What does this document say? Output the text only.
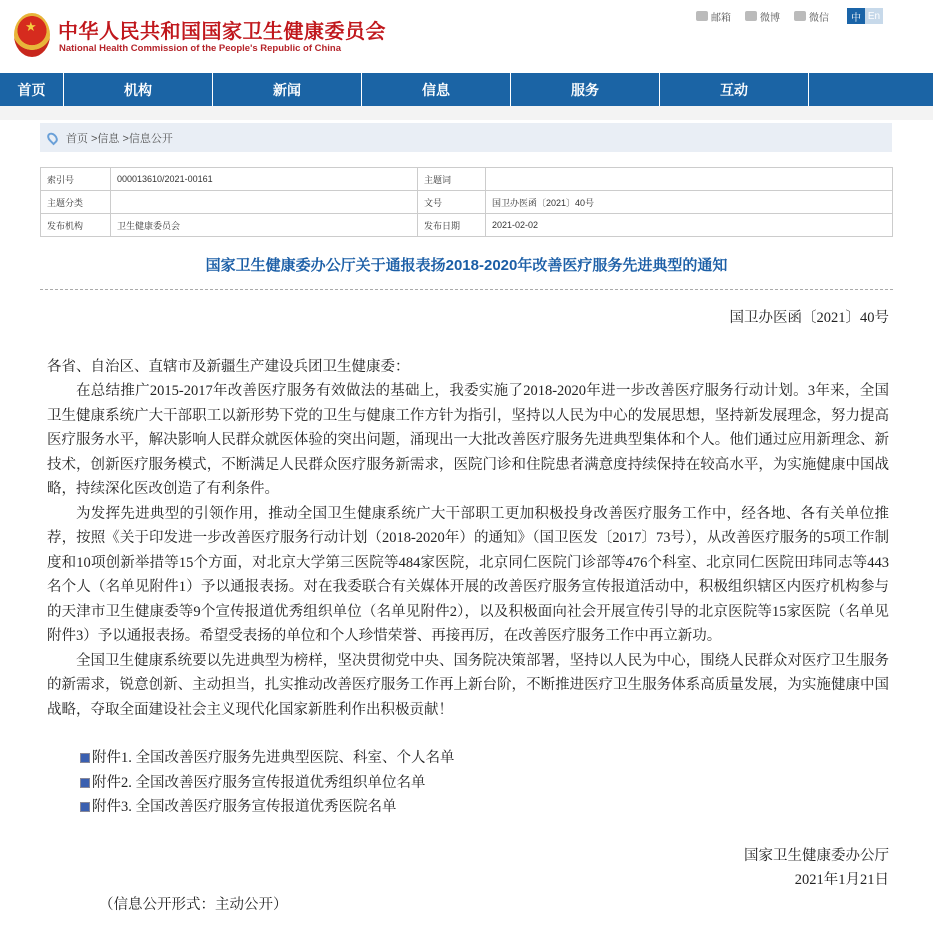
★
中华人民共和国国家卫生健康委员会
National Health Commission of the People's Republic of China
邮箱	微博	微信	中 En
首页	机构	新闻	信息	服务	互动
首页 >信息 >信息公开
索引号	000013610/2021-00161	主题词	
主题分类		文号	国卫办医函〔2021〕40号
发布机构	卫生健康委员会	发布日期	2021-02-02
国家卫生健康委办公厅关于通报表扬2018-2020年改善医疗服务先进典型的通知

国卫办医函〔2021〕40号

各省、自治区、直辖市及新疆生产建设兵团卫生健康委：

在总结推广2015-2017年改善医疗服务有效做法的基础上，我委实施了2018-2020年进一步改善医疗服务行动计划。3年来，全国卫生健康系统广大干部职工以新形势下党的卫生与健康工作方针为指引，坚持以人民为中心的发展思想，坚持新发展理念，努力提高医疗服务水平，解决影响人民群众就医体验的突出问题，涌现出一大批改善医疗服务先进典型集体和个人。他们通过应用新理念、新技术，创新医疗服务模式，不断满足人民群众医疗服务新需求，医院门诊和住院患者满意度持续保持在较高水平，为实施健康中国战略，持续深化医改创造了有利条件。

为发挥先进典型的引领作用，推动全国卫生健康系统广大干部职工更加积极投身改善医疗服务工作中，经各地、各有关单位推荐，按照《关于印发进一步改善医疗服务行动计划（2018-2020年）的通知》（国卫医发〔2017〕73号），从改善医疗服务的5项工作制度和10项创新举措等15个方面，对北京大学第三医院等484家医院，北京同仁医院门诊部等476个科室、北京同仁医院田玮同志等443名个人（名单见附件1）予以通报表扬。对在我委联合有关媒体开展的改善医疗服务宣传报道活动中，积极组织辖区内医疗机构参与的天津市卫生健康委等9个宣传报道优秀组织单位（名单见附件2），以及积极面向社会开展宣传引导的北京医院等15家医院（名单见附件3）予以通报表扬。希望受表扬的单位和个人珍惜荣誉、再接再厉，在改善医疗服务工作中再立新功。

全国卫生健康系统要以先进典型为榜样，坚决贯彻党中央、国务院决策部署，坚持以人民为中心，围绕人民群众对医疗卫生服务的新需求，锐意创新、主动担当，扎实推动改善医疗服务工作再上新台阶，不断推进医疗卫生服务体系高质量发展，为实施健康中国战略，夺取全面建设社会主义现代化国家新胜利作出积极贡献！

附件1. 全国改善医疗服务先进典型医院、科室、个人名单
附件2. 全国改善医疗服务宣传报道优秀组织单位名单
附件3. 全国改善医疗服务宣传报道优秀医院名单

国家卫生健康委办公厅

2021年1月21日

（信息公开形式：主动公开）
